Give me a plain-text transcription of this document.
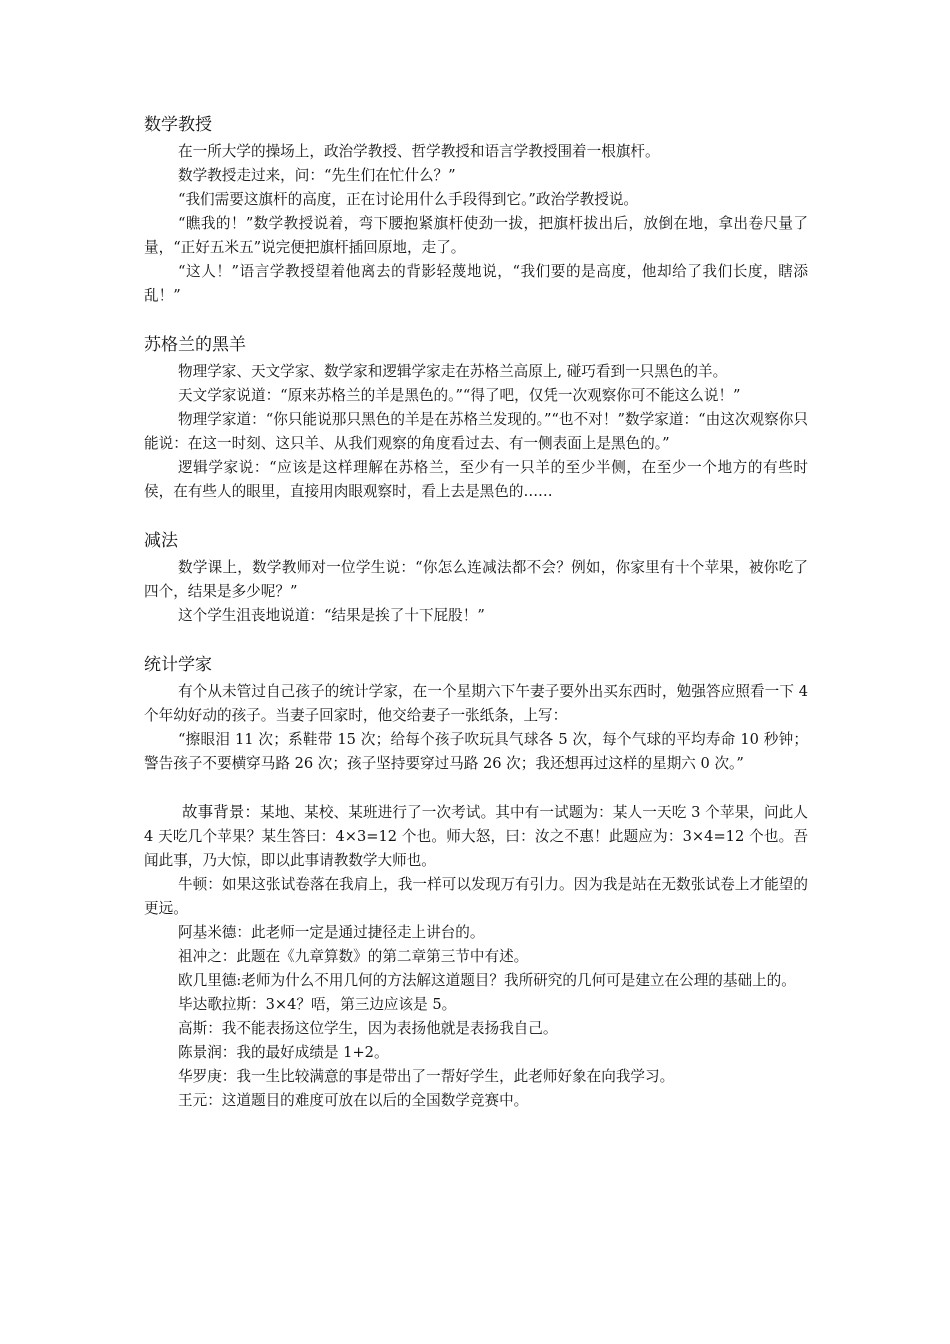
数学教授

在一所大学的操场上，政治学教授、哲学教授和语言学教授围着一根旗杆。

数学教授走过来，问：“先生们在忙什么？”

“我们需要这旗杆的高度，正在讨论用什么手段得到它。”政治学教授说。

“瞧我的！”数学教授说着，弯下腰抱紧旗杆使劲一拔，把旗杆拔出后，放倒在地，拿出卷尺量了量，“正好五米五”说完便把旗杆插回原地，走了。

“这人！”语言学教授望着他离去的背影轻蔑地说，“我们要的是高度，他却给了我们长度，瞎添乱！”

苏格兰的黑羊

物理学家、天文学家、数学家和逻辑学家走在苏格兰高原上, 碰巧看到一只黑色的羊。

天文学家说道：“原来苏格兰的羊是黑色的。”“得了吧，仅凭一次观察你可不能这么说！”

物理学家道：“你只能说那只黑色的羊是在苏格兰发现的。”“也不对！”数学家道：“由这次观察你只能说：在这一时刻、这只羊、从我们观察的角度看过去、有一侧表面上是黑色的。”

逻辑学家说：“应该是这样理解在苏格兰，至少有一只羊的至少半侧，在至少一个地方的有些时侯，在有些人的眼里，直接用肉眼观察时，看上去是黑色的……

减法

数学课上，数学教师对一位学生说：“你怎么连减法都不会？例如，你家里有十个苹果，被你吃了四个，结果是多少呢？”

这个学生沮丧地说道：“结果是挨了十下屁股！”

统计学家

有个从未管过自己孩子的统计学家，在一个星期六下午妻子要外出买东西时，勉强答应照看一下 4 个年幼好动的孩子。当妻子回家时，他交给妻子一张纸条，上写：

“擦眼泪 11 次；系鞋带 15 次；给每个孩子吹玩具气球各 5 次，每个气球的平均寿命 10 秒钟；警告孩子不要横穿马路 26 次；孩子坚持要穿过马路 26 次；我还想再过这样的星期六 0 次。”

故事背景：某地、某校、某班进行了一次考试。其中有一试题为：某人一天吃 3 个苹果，问此人 4 天吃几个苹果？某生答曰：4×3=12 个也。师大怒，曰：汝之不惠！此题应为：3×4=12 个也。吾闻此事，乃大惊，即以此事请教数学大师也。

牛顿：如果这张试卷落在我肩上，我一样可以发现万有引力。因为我是站在无数张试卷上才能望的更远。

阿基米德：此老师一定是通过捷径走上讲台的。

祖冲之：此题在《九章算数》的第二章第三节中有述。

欧几里德:老师为什么不用几何的方法解这道题目？我所研究的几何可是建立在公理的基础上的。

毕达歌拉斯：3×4？唔，第三边应该是 5。

高斯：我不能表扬这位学生，因为表扬他就是表扬我自己。

陈景润：我的最好成绩是 1+2。

华罗庚：我一生比较满意的事是带出了一帮好学生，此老师好象在向我学习。

王元：这道题目的难度可放在以后的全国数学竞赛中。
